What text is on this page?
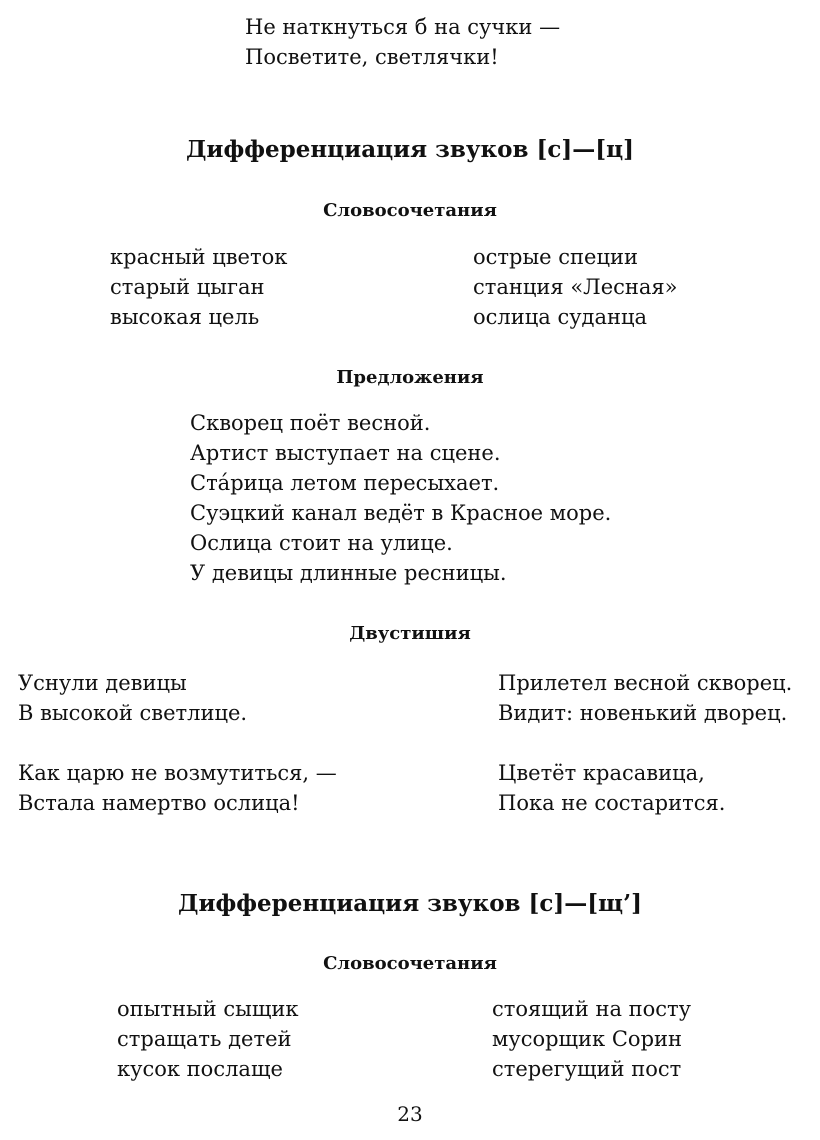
Не наткнуться б на сучки —

Посветите, светлячки!

Дифференциация звуков [с]—[ц]
Словосочетания

красный цветок

старый цыган

высокая цель

острые специи

станция «Лесная»

ослица суданца

Предложения

Скворец поёт весной.

Артист выступает на сцене.

Ста́рица летом пересыхает.

Суэцкий канал ведёт в Красное море.

Ослица стоит на улице.

У девицы длинные ресницы.

Двустишия

Уснули девицы

В высокой светлице.

Прилетел весной скворец.

Видит: новенький дворец.

Как царю не возмутиться, —

Встала намертво ослица!

Цветёт красавица,

Пока не состарится.

Дифференциация звуков [с]—[щ’]
Словосочетания

опытный сыщик

стращать детей

кусок послаще

стоящий на посту

мусорщик Сорин

стерегущий пост

23
